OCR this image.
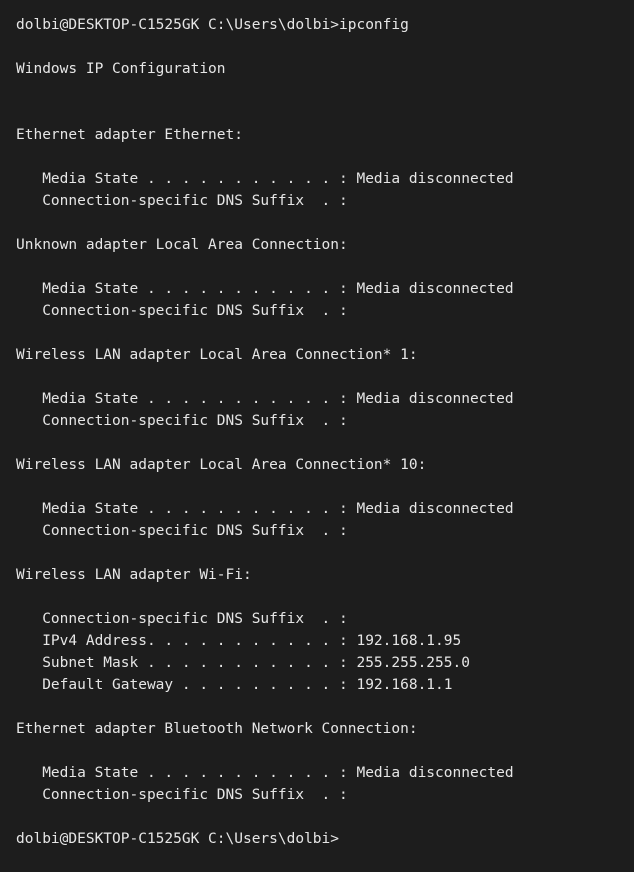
dolbi@DESKTOP-C1525GK C:\Users\dolbi>ipconfig
Windows IP Configuration
Ethernet adapter Ethernet:
Media State . . . . . . . . . . . : Media disconnected
Connection-specific DNS Suffix  . :
Unknown adapter Local Area Connection:
Media State . . . . . . . . . . . : Media disconnected
Connection-specific DNS Suffix  . :
Wireless LAN adapter Local Area Connection* 1:
Media State . . . . . . . . . . . : Media disconnected
Connection-specific DNS Suffix  . :
Wireless LAN adapter Local Area Connection* 10:
Media State . . . . . . . . . . . : Media disconnected
Connection-specific DNS Suffix  . :
Wireless LAN adapter Wi-Fi:
Connection-specific DNS Suffix  . :
IPv4 Address. . . . . . . . . . . : 192.168.1.95
Subnet Mask . . . . . . . . . . . : 255.255.255.0
Default Gateway . . . . . . . . . : 192.168.1.1
Ethernet adapter Bluetooth Network Connection:
Media State . . . . . . . . . . . : Media disconnected
Connection-specific DNS Suffix  . :
dolbi@DESKTOP-C1525GK C:\Users\dolbi>
